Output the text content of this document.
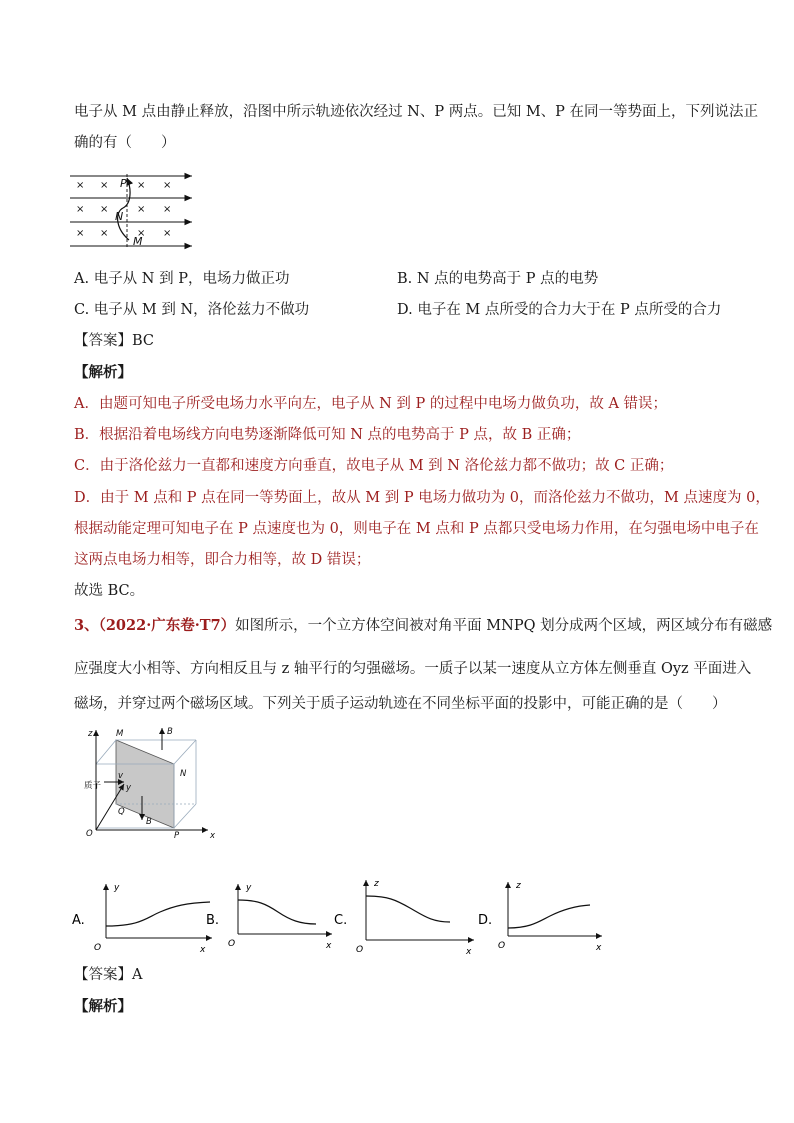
电子从 M 点由静止释放，沿图中所示轨迹依次经过 N、P 两点。已知 M、P 在同一等势面上，下列说法正
确的有（　　）
× ×	× ×
× ×	× ×
× ×	× ×
P
N
M
A. 电子从 N 到 P，电场力做正功	B. N 点的电势高于 P 点的电势
C. 电子从 M 到 N，洛伦兹力不做功	D. 电子在 M 点所受的合力大于在 P 点所受的合力
【答案】BC
【解析】
A．由题可知电子所受电场力水平向左，电子从 N 到 P 的过程中电场力做负功，故 A 错误；
B．根据沿着电场线方向电势逐渐降低可知 N 点的电势高于 P 点，故 B 正确；
C．由于洛伦兹力一直都和速度方向垂直，故电子从 M 到 N 洛伦兹力都不做功；故 C 正确；
D．由于 M 点和 P 点在同一等势面上，故从 M 到 P 电场力做功为 0，而洛伦兹力不做功，M 点速度为 0，
根据动能定理可知电子在 P 点速度也为 0，则电子在 M 点和 P 点都只受电场力作用，在匀强电场中电子在
这两点电场力相等，即合力相等，故 D 错误；
故选 BC。
3、（2022·广东卷·T7）如图所示，一个立方体空间被对角平面 MNPQ 划分成两个区域，两区域分布有磁感
应强度大小相等、方向相反且与 z 轴平行的匀强磁场。一质子以某一速度从立方体左侧垂直 Oyz 平面进入
磁场，并穿过两个磁场区域。下列关于质子运动轨迹在不同坐标平面的投影中，可能正确的是（　　）
z
x
y
O
M
N
P
Q
B
B
v
质子
A.
y
x
O
B.
y
x
O
C.
z
x
O
D.
z
x
O
【答案】A
【解析】
